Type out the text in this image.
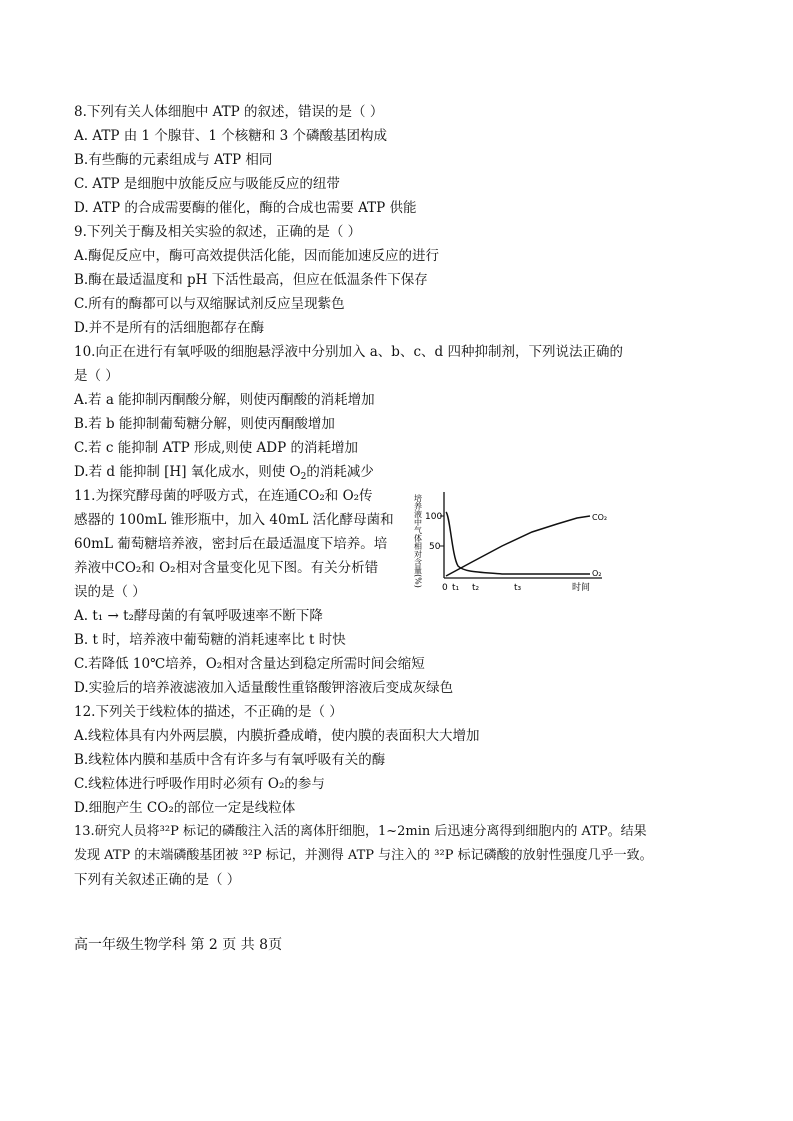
8.下列有关人体细胞中 ATP 的叙述，错误的是（ ）
A. ATP 由 1 个腺苷、1 个核糖和 3 个磷酸基团构成
B.有些酶的元素组成与 ATP 相同
C. ATP 是细胞中放能反应与吸能反应的纽带
D. ATP 的合成需要酶的催化，酶的合成也需要 ATP 供能
9.下列关于酶及相关实验的叙述，正确的是（ ）
A.酶促反应中，酶可高效提供活化能，因而能加速反应的进行
B.酶在最适温度和 pH 下活性最高，但应在低温条件下保存
C.所有的酶都可以与双缩脲试剂反应呈现紫色
D.并不是所有的活细胞都存在酶
10.向正在进行有氧呼吸的细胞悬浮液中分别加入 a、b、c、d 四种抑制剂，下列说法正确的
是（ ）
A.若 a 能抑制丙酮酸分解，则使丙酮酸的消耗增加
B.若 b 能抑制葡萄糖分解，则使丙酮酸增加
C.若 c 能抑制 ATP 形成,则使 ADP 的消耗增加
D.若 d 能抑制 [H] 氧化成水，则使 $O_2$的消耗减少
11.为探究酵母菌的呼吸方式，在连通CO₂和 O₂传
感器的 100mL 锥形瓶中，加入 40mL 活化酵母菌和
60mL 葡萄糖培养液，密封后在最适温度下培养。培
养液中CO₂和 O₂相对含量变化见下图。有关分析错
误的是（ ）
培养液中气体相对含量(%) 100
50
0 t₁ t₂	t₃	时间
CO₂
O₂
A. t₁ → t₂酵母菌的有氧呼吸速率不断下降
B. t 时，培养液中葡萄糖的消耗速率比 t 时快
C.若降低 10℃培养，O₂相对含量达到稳定所需时间会缩短
D.实验后的培养液滤液加入适量酸性重铬酸钾溶液后变成灰绿色
12.下列关于线粒体的描述，不正确的是（ ）
A.线粒体具有内外两层膜，内膜折叠成嵴，使内膜的表面积大大增加
B.线粒体内膜和基质中含有许多与有氧呼吸有关的酶
C.线粒体进行呼吸作用时必须有 O₂的参与
D.细胞产生 CO₂的部位一定是线粒体
13.研究人员将³²P 标记的磷酸注入活的离体肝细胞，1~2min 后迅速分离得到细胞内的 ATP。结果
发现 ATP 的末端磷酸基团被 ³²P 标记，并测得 ATP 与注入的 ³²P 标记磷酸的放射性强度几乎一致。
下列有关叙述正确的是（ ）
高一年级生物学科 第 2 页 共 8页
